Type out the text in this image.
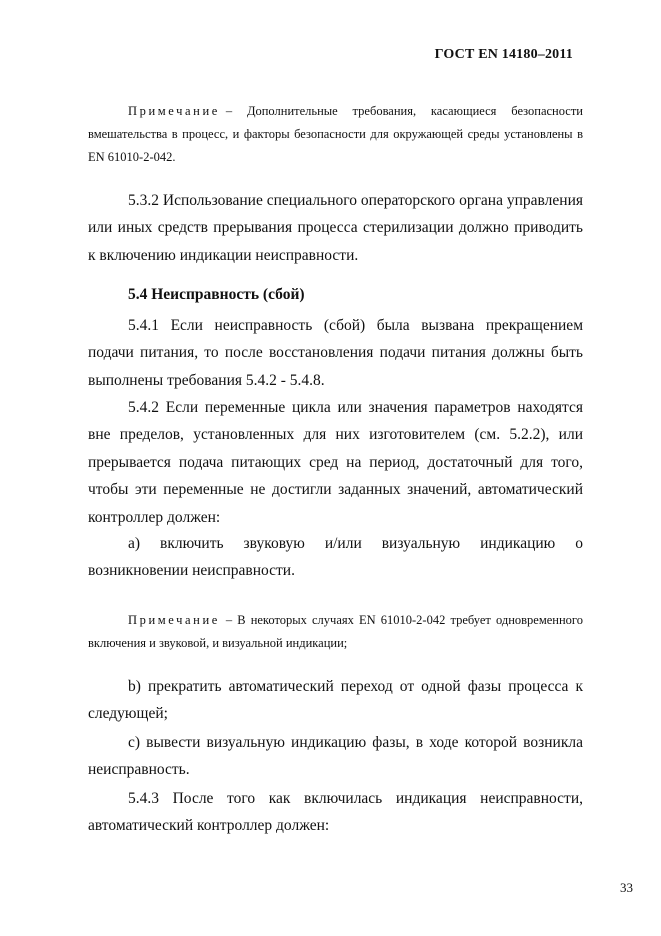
ГОСТ EN 14180–2011
Примечание – Дополнительные требования, касающиеся безопасности вмешательства в процесс, и факторы безопасности для окружающей среды установлены в EN 61010-2-042.
5.3.2 Использование специального операторского органа управления или иных средств прерывания процесса стерилизации должно приводить к включению индикации неисправности.
5.4 Неисправность (сбой)
5.4.1 Если неисправность (сбой) была вызвана прекращением подачи питания, то после восстановления подачи питания должны быть выполнены требования 5.4.2 - 5.4.8.
5.4.2 Если переменные цикла или значения параметров находятся вне пределов, установленных для них изготовителем (см. 5.2.2), или прерывается подача питающих сред на период, достаточный для того, чтобы эти переменные не достигли заданных значений, автоматический контроллер должен:
а) включить звуковую и/или визуальную индикацию о возникновении неисправности.
Примечание – В некоторых случаях EN 61010-2-042 требует одновременного включения и звуковой, и визуальной индикации;
b) прекратить автоматический переход от одной фазы процесса к следующей;
с) вывести визуальную индикацию фазы, в ходе которой возникла неисправность.
5.4.3 После того как включилась индикация неисправности, автоматический контроллер должен:
33
